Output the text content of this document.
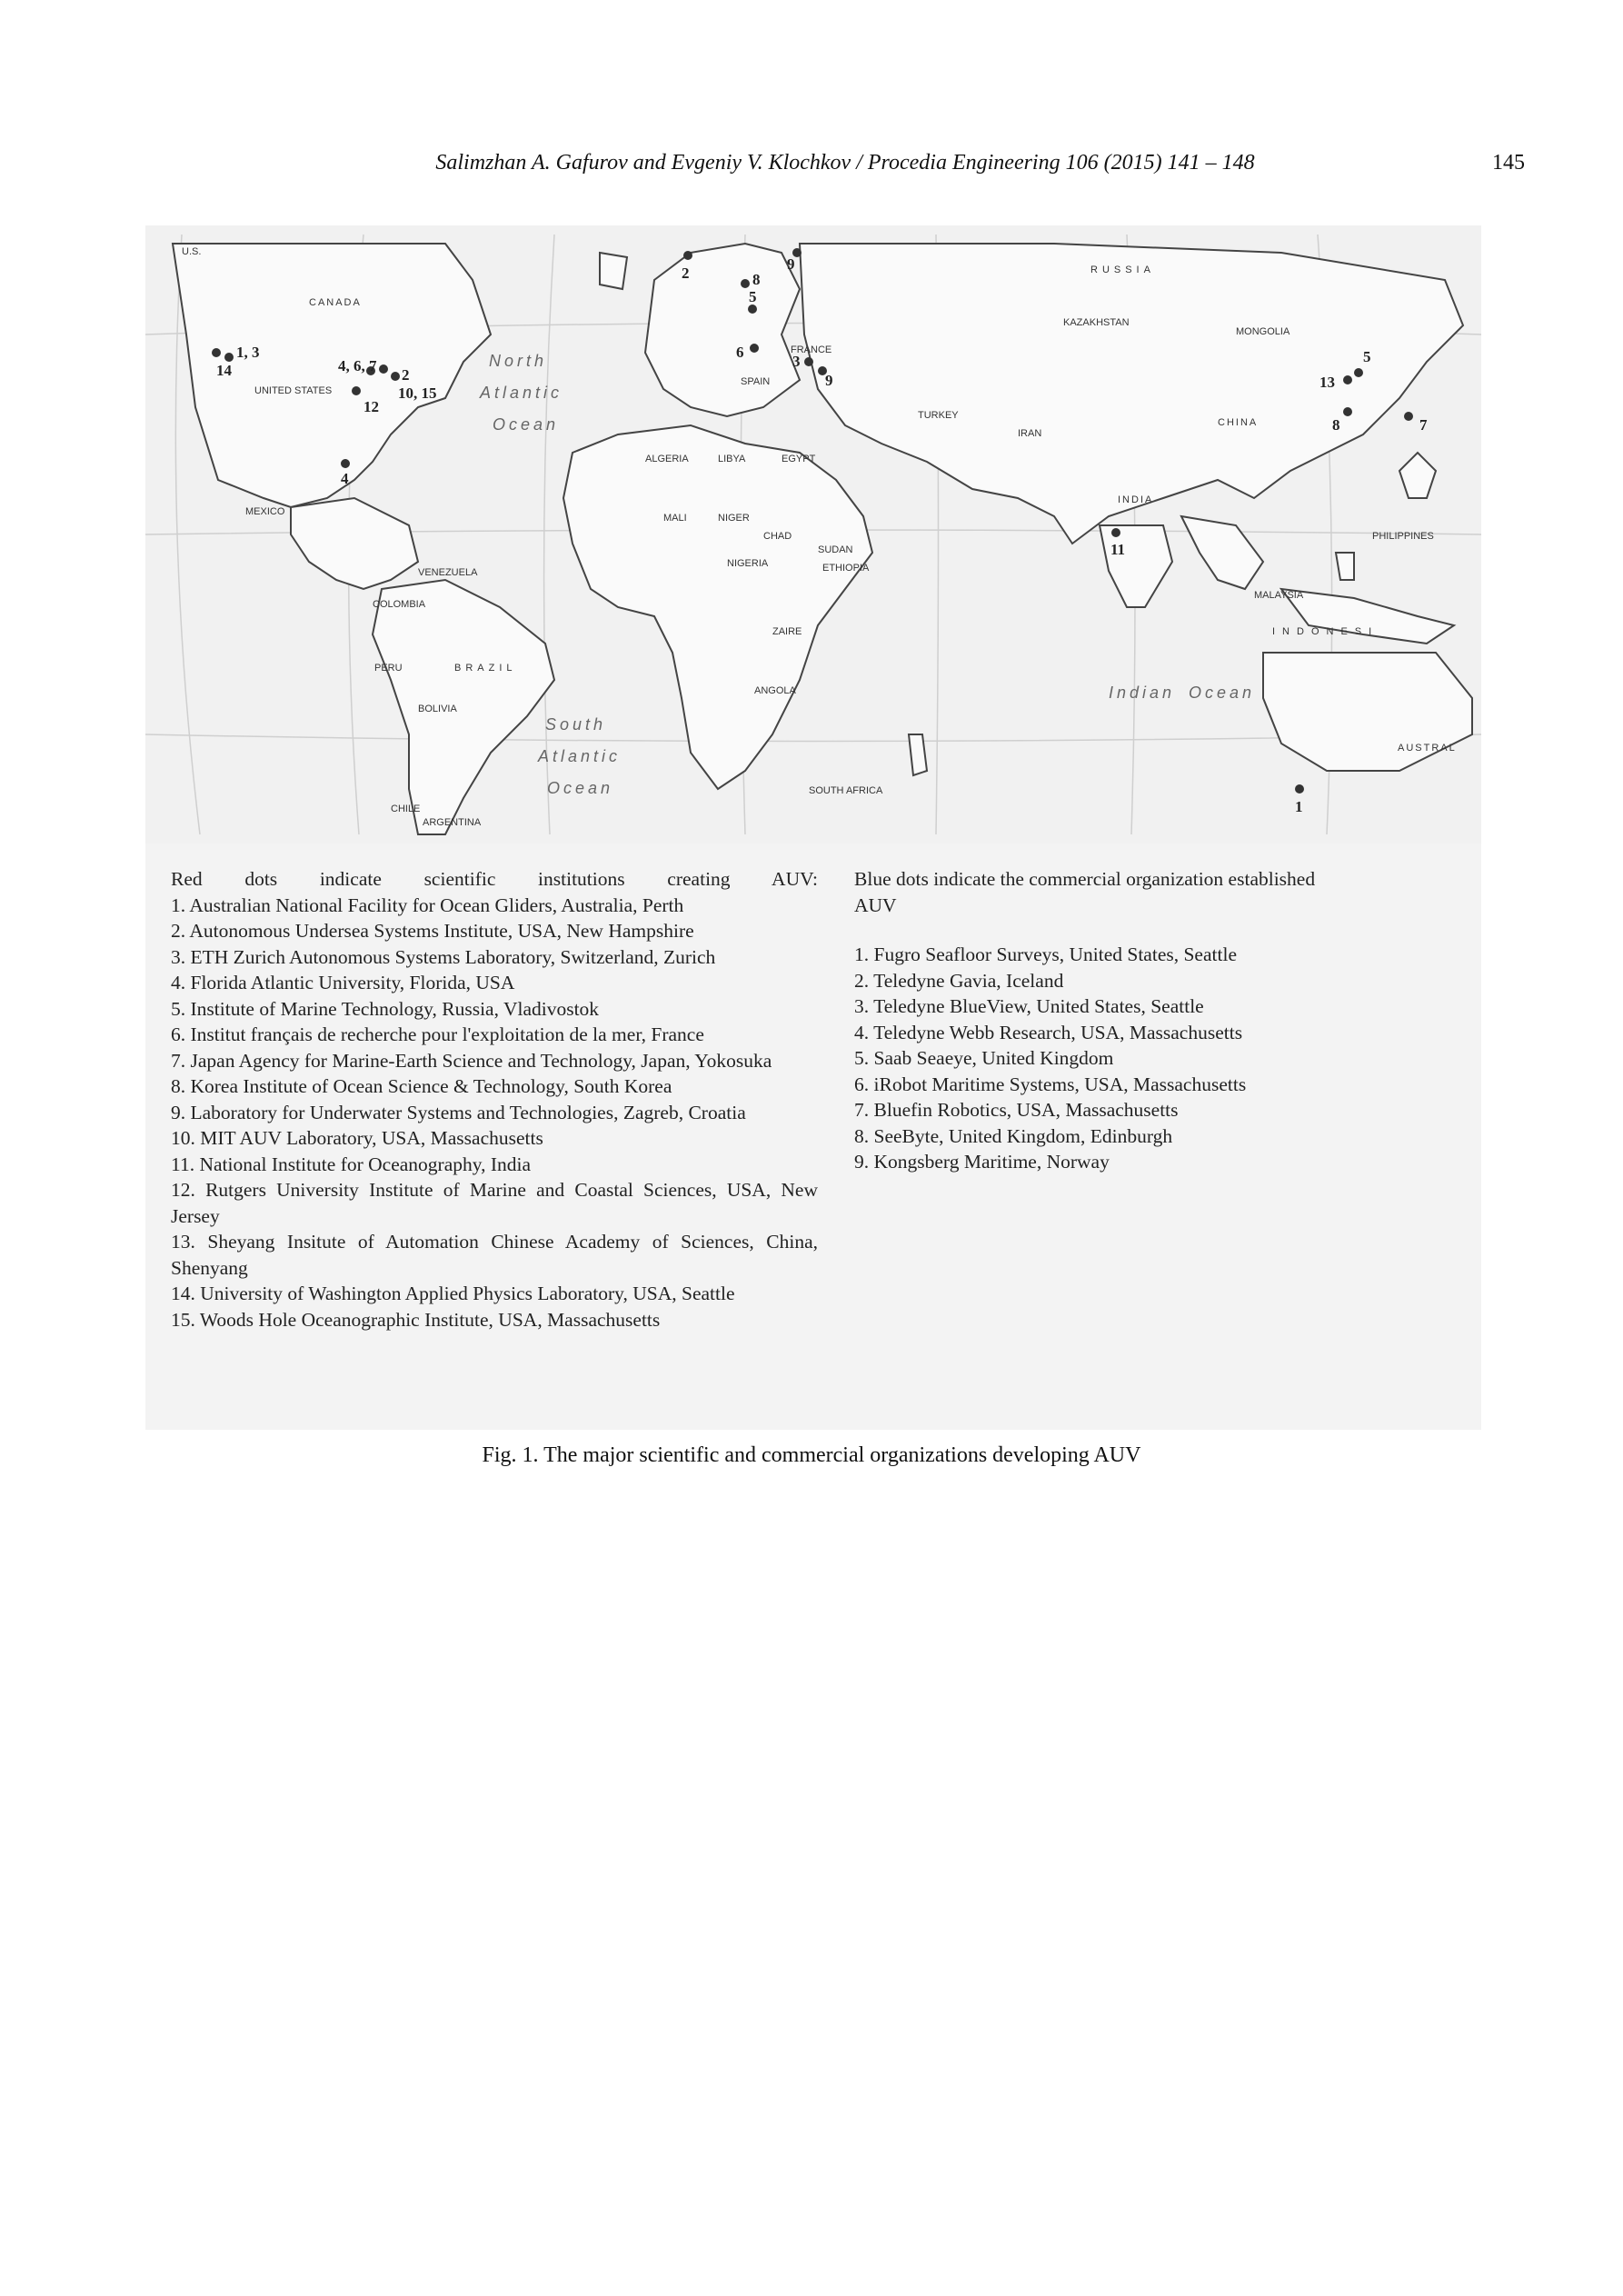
Salimzhan A. Gafurov and Evgeniy V. Klochkov / Procedia Engineering 106 (2015) 141 – 148	145
North
Atlantic
Ocean
South
Atlantic
Ocean
Indian Ocean
U.S.
CANADA
UNITED STATES
MEXICO
RUSSIA
CHINA
INDIA
BRAZIL
ALGERIA	LIBYA	EGYPT
NIGER
CHAD
SUDAN
MALI
NIGERIA
ZAIRE
ANGOLA
KAZAKHSTAN
MONGOLIA
IRAN
TURKEY
AUSTRAL
INDONESI
MALAYSIA
PHILIPPINES
PERU
BOLIVIA
ARGENTINA
CHILE
COLOMBIA
VENEZUELA	ETHIOPIA
SOUTH AFRICA
SPAIN
FRANCE
1, 3
14	4, 6, 7
2
10, 15
12
4
2	8
5
9
6
3
9	13
5
8	7
11
1
Red dots indicate scientific institutions creating AUV:
1. Australian National Facility for Ocean Gliders, Australia, Perth
2. Autonomous Undersea Systems Institute, USA, New Hampshire
3. ETH Zurich Autonomous Systems Laboratory, Switzerland, Zurich
4. Florida Atlantic University, Florida, USA
5. Institute of Marine Technology, Russia, Vladivostok
6. Institut français de recherche pour l'exploitation de la mer, France
7. Japan Agency for Marine-Earth Science and Technology, Japan, Yokosuka
8. Korea Institute of Ocean Science & Technology, South Korea
9. Laboratory for Underwater Systems and Technologies, Zagreb, Croatia
10. MIT AUV Laboratory, USA, Massachusetts
11. National Institute for Oceanography, India
12. Rutgers University Institute of Marine and Coastal Sciences, USA, New Jersey
13. Sheyang Insitute of Automation Chinese Academy of Sciences, China, Shenyang
14. University of Washington Applied Physics Laboratory, USA, Seattle
15. Woods Hole Oceanographic Institute, USA, Massachusetts
Blue dots indicate the commercial organization established AUV
1. Fugro Seafloor Surveys, United States, Seattle
2. Teledyne Gavia, Iceland
3. Teledyne BlueView, United States, Seattle
4. Teledyne Webb Research, USA, Massachusetts
5. Saab Seaeye, United Kingdom
6. iRobot Maritime Systems, USA, Massachusetts
7. Bluefin Robotics, USA, Massachusetts
8. SeeByte, United Kingdom, Edinburgh
9. Kongsberg Maritime, Norway
Fig. 1. The major scientific and commercial organizations developing AUV
